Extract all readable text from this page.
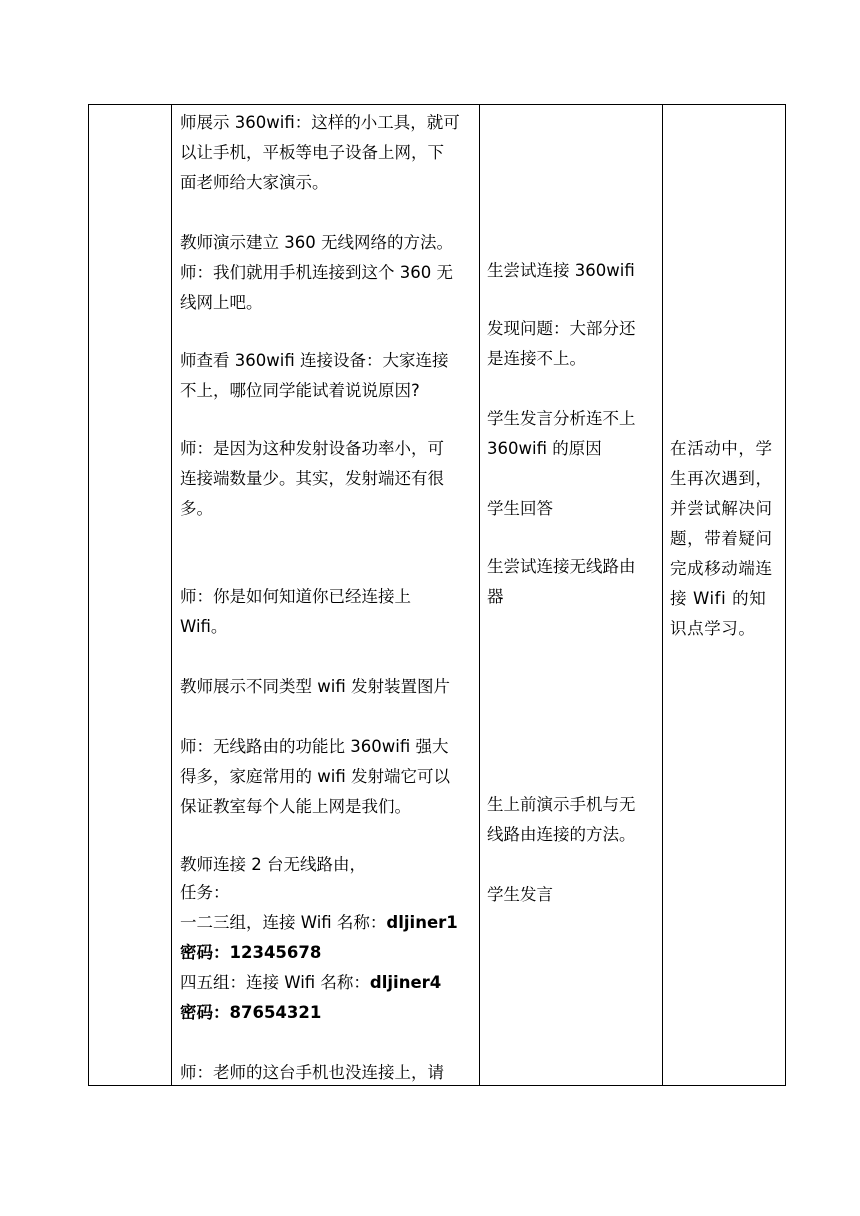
一二三组，连接 Wifi 名称：dljiner1
密码：12345678
四五组：连接 Wifi 名称：dljiner4
密码：87654321
师：老师的这台手机也没连接上，请
师展示 360wifi：这样的小工具，就可
以让手机，平板等电子设备上网，下
面老师给大家演示。
教师演示建立 360 无线网络的方法。
师：我们就用手机连接到这个 360 无
线网上吧。
师查看 360wifi 连接设备：大家连接
不上，哪位同学能试着说说原因?
师：是因为这种发射设备功率小，可
连接端数量少。其实，发射端还有很
多。
师：你是如何知道你已经连接上
Wifi。
教师展示不同类型 wifi 发射装置图片
师：无线路由的功能比 360wifi 强大
得多，家庭常用的 wifi 发射端它可以
保证教室每个人能上网是我们。
教师连接 2 台无线路由，
任务：
生尝试连接 360wifi
发现问题：大部分还
是连接不上。
学生发言分析连不上
360wifi 的原因
学生回答
生尝试连接无线路由
器
生上前演示手机与无
线路由连接的方法。
学生发言
在活动中，学
生再次遇到，
并尝试解决问
题，带着疑问
完成移动端连
接 Wifi 的知
识点学习。
